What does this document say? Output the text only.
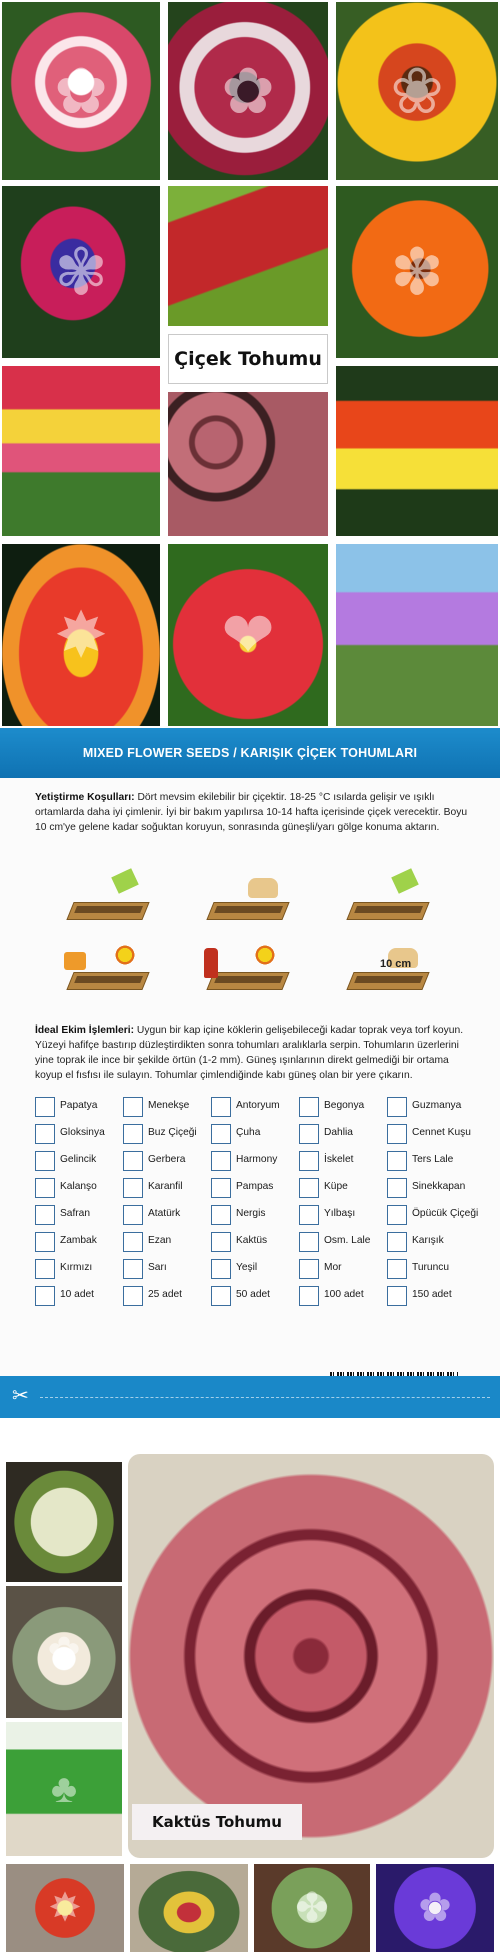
✿ ✿ ❀
✾	✽
✸ ❤
Çiçek Tohumu
MIXED FLOWER SEEDS / KARIŞIK ÇİÇEK TOHUMLARI

Yetiştirme Koşulları: Dört mevsim ekilebilir bir çiçektir. 18-25 °C ısılarda gelişir ve ışıklı ortamlarda daha iyi çimlenir. İyi bir bakım yapılırsa 10-14 hafta içerisinde çiçek verecektir. Boyu 10 cm'ye gelene kadar soğuktan koruyun, sonrasında güneşli/yarı gölge konuma aktarın.

10 cm

İdeal Ekim İşlemleri: Uygun bir kap içine köklerin gelişebileceği kadar toprak veya torf koyun. Yüzeyi hafifçe bastırıp düzleştirdikten sonra tohumları aralıklarla serpin. Tohumların üzerlerini yine toprak ile ince bir şekilde örtün (1-2 mm). Güneş ışınlarının direkt gelmediği bir ortama koyup el fısfısı ile sulayın. Tohumlar çimlendiğinde kabı güneş olan bir yere çıkarın.

Papatya	Menekşe	Antoryum	Begonya	Guzmanya
Gloksinya	Buz Çiçeği	Çuha	Dahlia	Cennet Kuşu
Gelincik	Gerbera	Harmony	İskelet	Ters Lale
Kalanşo	Karanfil	Pampas	Küpe	Sinekkapan
Safran	Atatürk	Nergis	Yılbaşı	Öpücük Çiçeği
Zambak	Ezan	Kaktüs	Osm. Lale	Karışık
Kırmızı	Sarı	Yeşil	Mor	Turuncu
10 adet	25 adet	50 adet	100 adet	150 adet

✂
✿
♣
Kaktüs Tohumu
✸	✤ ✿
